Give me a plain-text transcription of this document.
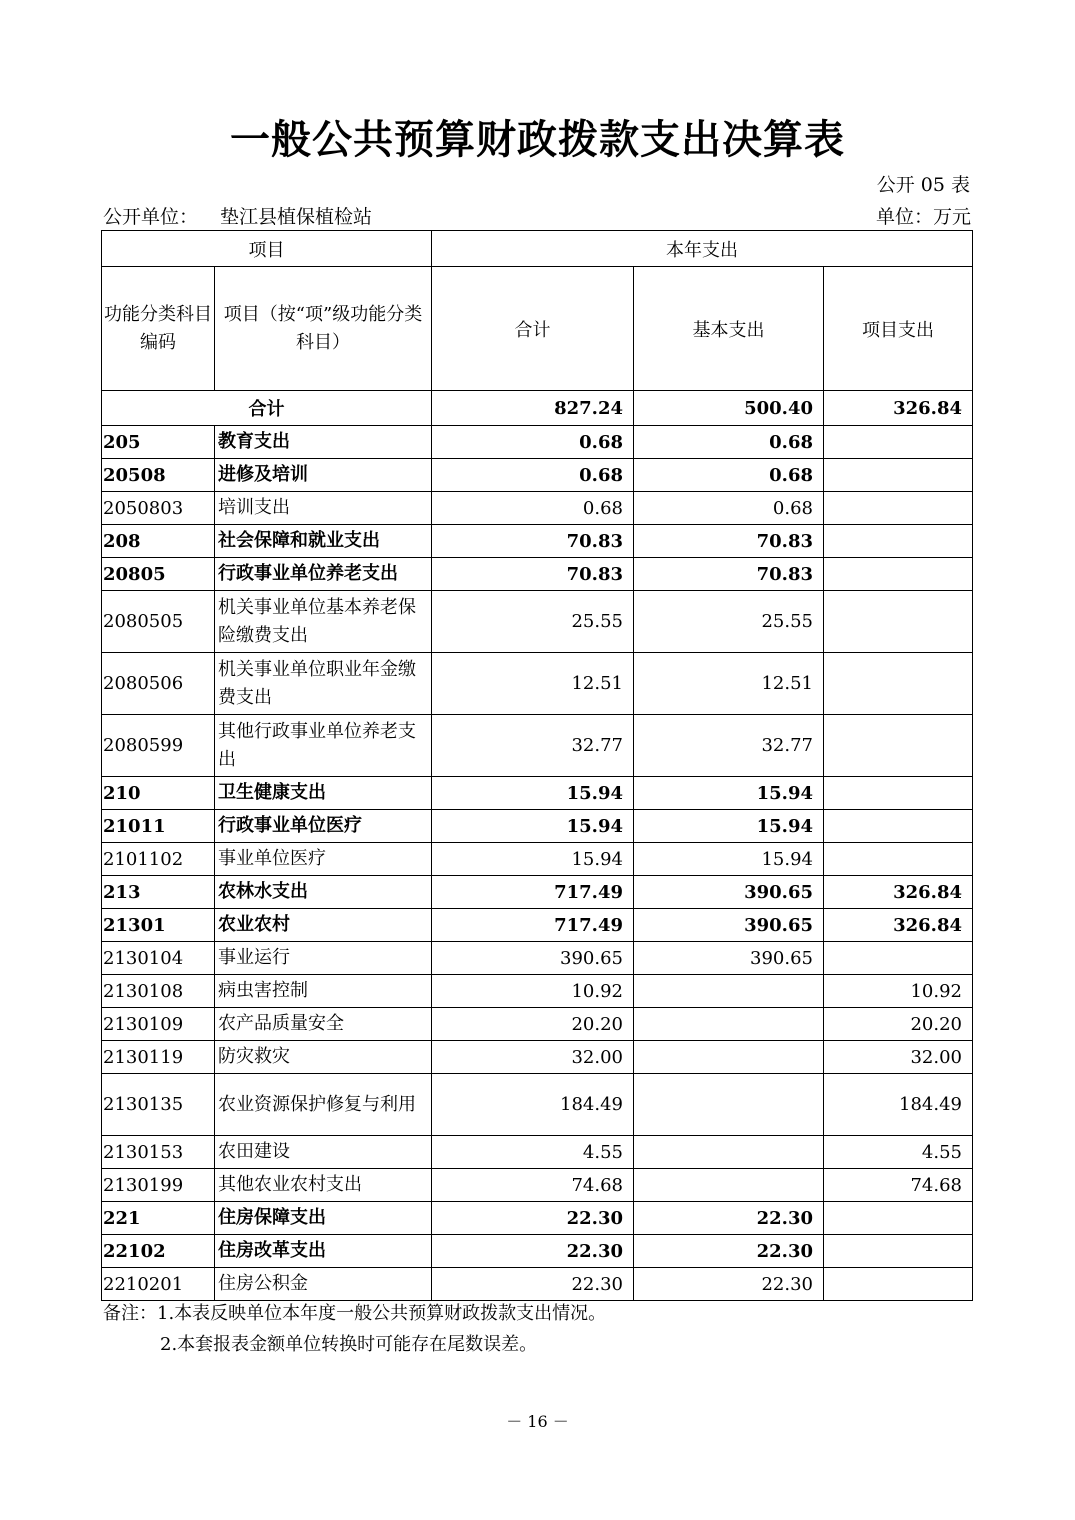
一般公共预算财政拨款支出决算表
公开 05 表
公开单位： 垫江县植保植检站	单位：万元
项目		本年支出		
功能分类科目编码	项目（按“项”级功能分类科目）	合计	基本支出	项目支出
合计		827.24	500.40	326.84
205	教育支出	0.68	0.68	
20508	进修及培训	0.68	0.68	
2050803	培训支出	0.68	0.68	
208	社会保障和就业支出	70.83	70.83	
20805	行政事业单位养老支出	70.83	70.83	
2080505	机关事业单位基本养老保险缴费支出	25.55	25.55	
2080506	机关事业单位职业年金缴费支出	12.51	12.51	
2080599	其他行政事业单位养老支出	32.77	32.77	
210	卫生健康支出	15.94	15.94	
21011	行政事业单位医疗	15.94	15.94	
2101102	事业单位医疗	15.94	15.94	
213	农林水支出	717.49	390.65	326.84
21301	农业农村	717.49	390.65	326.84
2130104	事业运行	390.65	390.65	
2130108	病虫害控制	10.92		10.92
2130109	农产品质量安全	20.20		20.20
2130119	防灾救灾	32.00		32.00
2130135	农业资源保护修复与利用	184.49		184.49
2130153	农田建设	4.55		4.55
2130199	其他农业农村支出	74.68		74.68
221	住房保障支出	22.30	22.30	
22102	住房改革支出	22.30	22.30	
2210201	住房公积金	22.30	22.30	
备注：1.本表反映单位本年度一般公共预算财政拨款支出情况。
2.本套报表金额单位转换时可能存在尾数误差。
－ 16 －
